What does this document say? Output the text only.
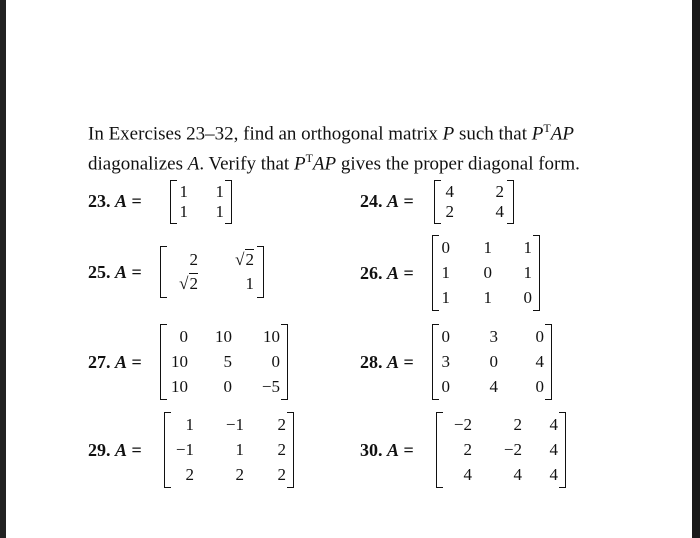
In Exercises 23–32, find an orthogonal matrix P such that $P^TAP$
diagonalizes A. Verify that $P^TAP$ gives the proper diagonal form.
23. A =	1	1
1	1
24. A =	4	2
2	4
25. A =
2	√2
√2	1
26. A =
0	1	1
1	0	1
1	1	0
27. A =
0	10	10
10	5	0
10	0	−5
28. A =
0	3	0
3	0	4
0	4	0
29. A =
1	−1	2
−1	1	2
2	2	2
30. A =
−2	2	4
2	−2	4
4	4	4
